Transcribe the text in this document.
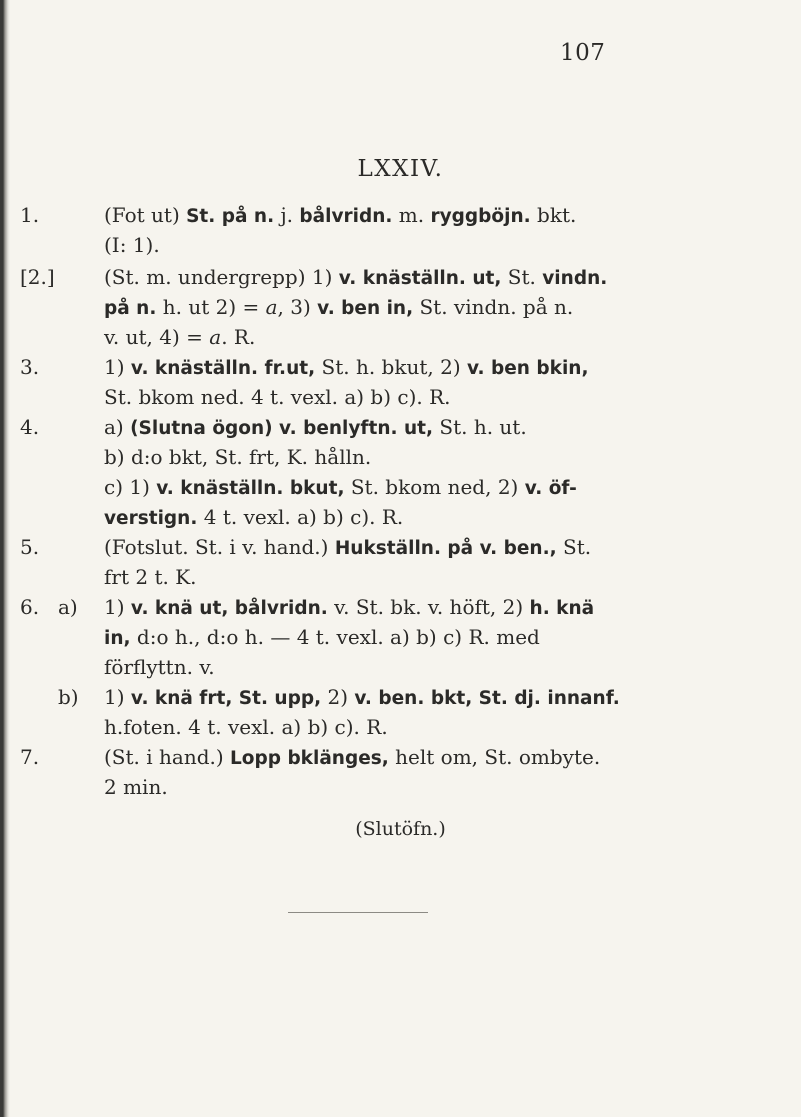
107
LXXIV.
1.	(Fot ut) St. på n. j. bålvridn. m. ryggböjn. bkt.
(I: 1).
[2.] (St. m. undergrepp) 1) v. knäställn. ut, St. vindn.
på n. h. ut 2) = a, 3) v. ben in, St. vindn. på n.
v. ut, 4) = a. R.
3.	1) v. knäställn. fr.ut, St. h. bkut, 2) v. ben bkin,
St. bkom ned. 4 t. vexl. a) b) c). R.
4.	a) (Slutna ögon) v. benlyftn. ut, St. h. ut.
b) d:o bkt, St. frt, K. hålln.
c) 1) v. knäställn. bkut, St. bkom ned, 2) v. öf-
verstign. 4 t. vexl. a) b) c). R.
5.	(Fotslut. St. i v. hand.) Hukställn. på v. ben., St.
frt 2 t. K.
6. a) 1) v. knä ut, bålvridn. v. St. bk. v. höft, 2) h. knä
in, d:o h., d:o h. — 4 t. vexl. a) b) c) R. med
förflyttn. v.
b) 1) v. knä frt, St. upp, 2) v. ben. bkt, St. dj. innanf.
h.foten. 4 t. vexl. a) b) c). R.
7.	(St. i hand.) Lopp bklänges, helt om, St. ombyte.
2 min.
(Slutöfn.)
